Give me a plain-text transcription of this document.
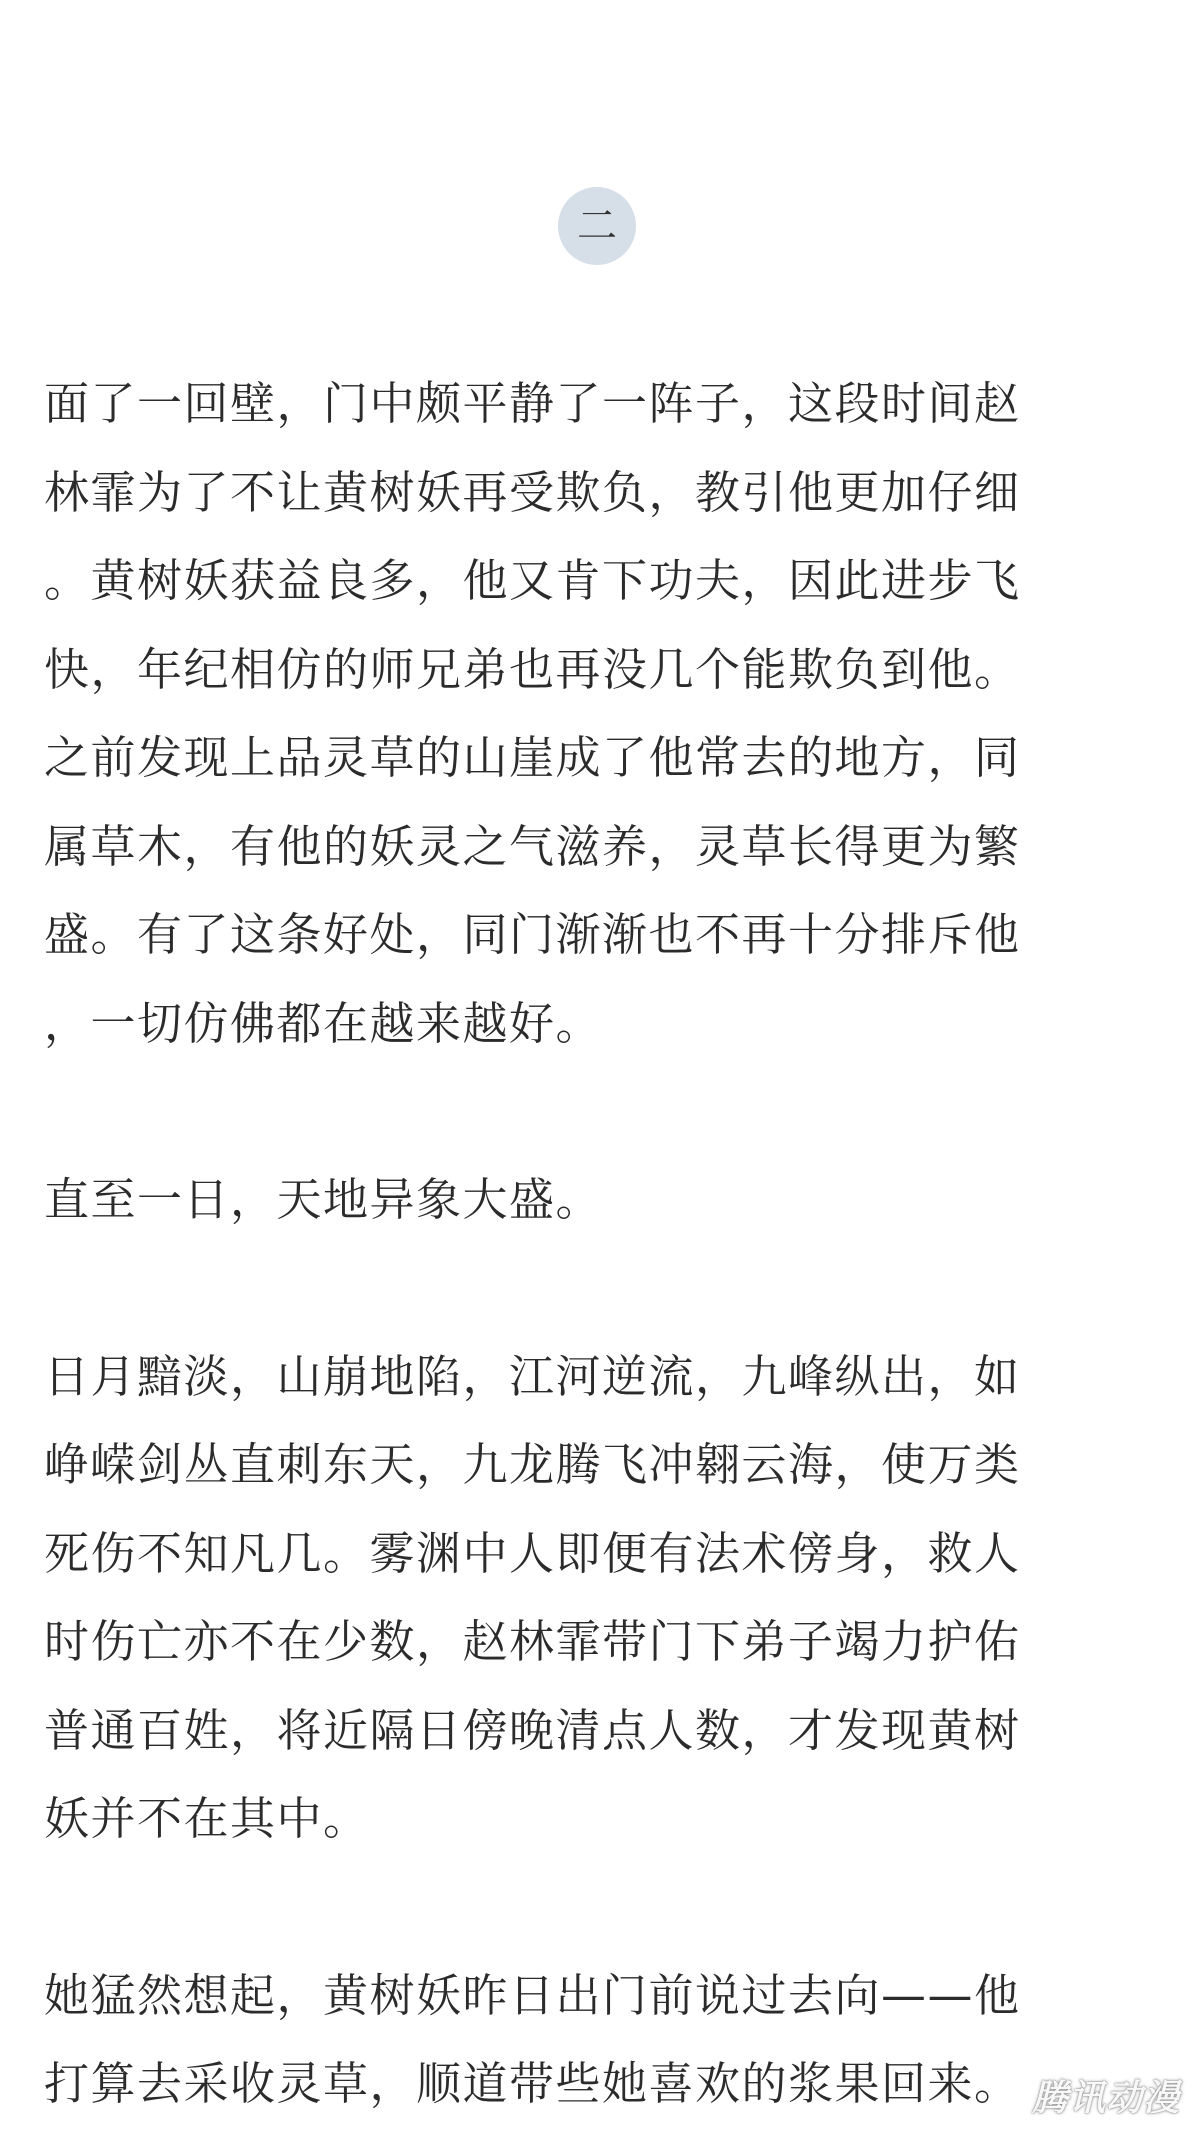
二

面了一回壁，门中颇平静了一阵子，这段时间赵
林霏为了不让黄树妖再受欺负，教引他更加仔细
。黄树妖获益良多，他又肯下功夫，因此进步飞
快，年纪相仿的师兄弟也再没几个能欺负到他。
之前发现上品灵草的山崖成了他常去的地方，同
属草木，有他的妖灵之气滋养，灵草长得更为繁
盛。有了这条好处，同门渐渐也不再十分排斥他
，一切仿佛都在越来越好。

直至一日，天地异象大盛。

日月黯淡，山崩地陷，江河逆流，九峰纵出，如
峥嵘剑丛直刺东天，九龙腾飞冲翱云海，使万类
死伤不知凡几。雾渊中人即便有法术傍身，救人
时伤亡亦不在少数，赵林霏带门下弟子竭力护佑
普通百姓，将近隔日傍晚清点人数，才发现黄树
妖并不在其中。

她猛然想起，黄树妖昨日出门前说过去向——他
打算去采收灵草，顺道带些她喜欢的浆果回来。 腾讯动漫
